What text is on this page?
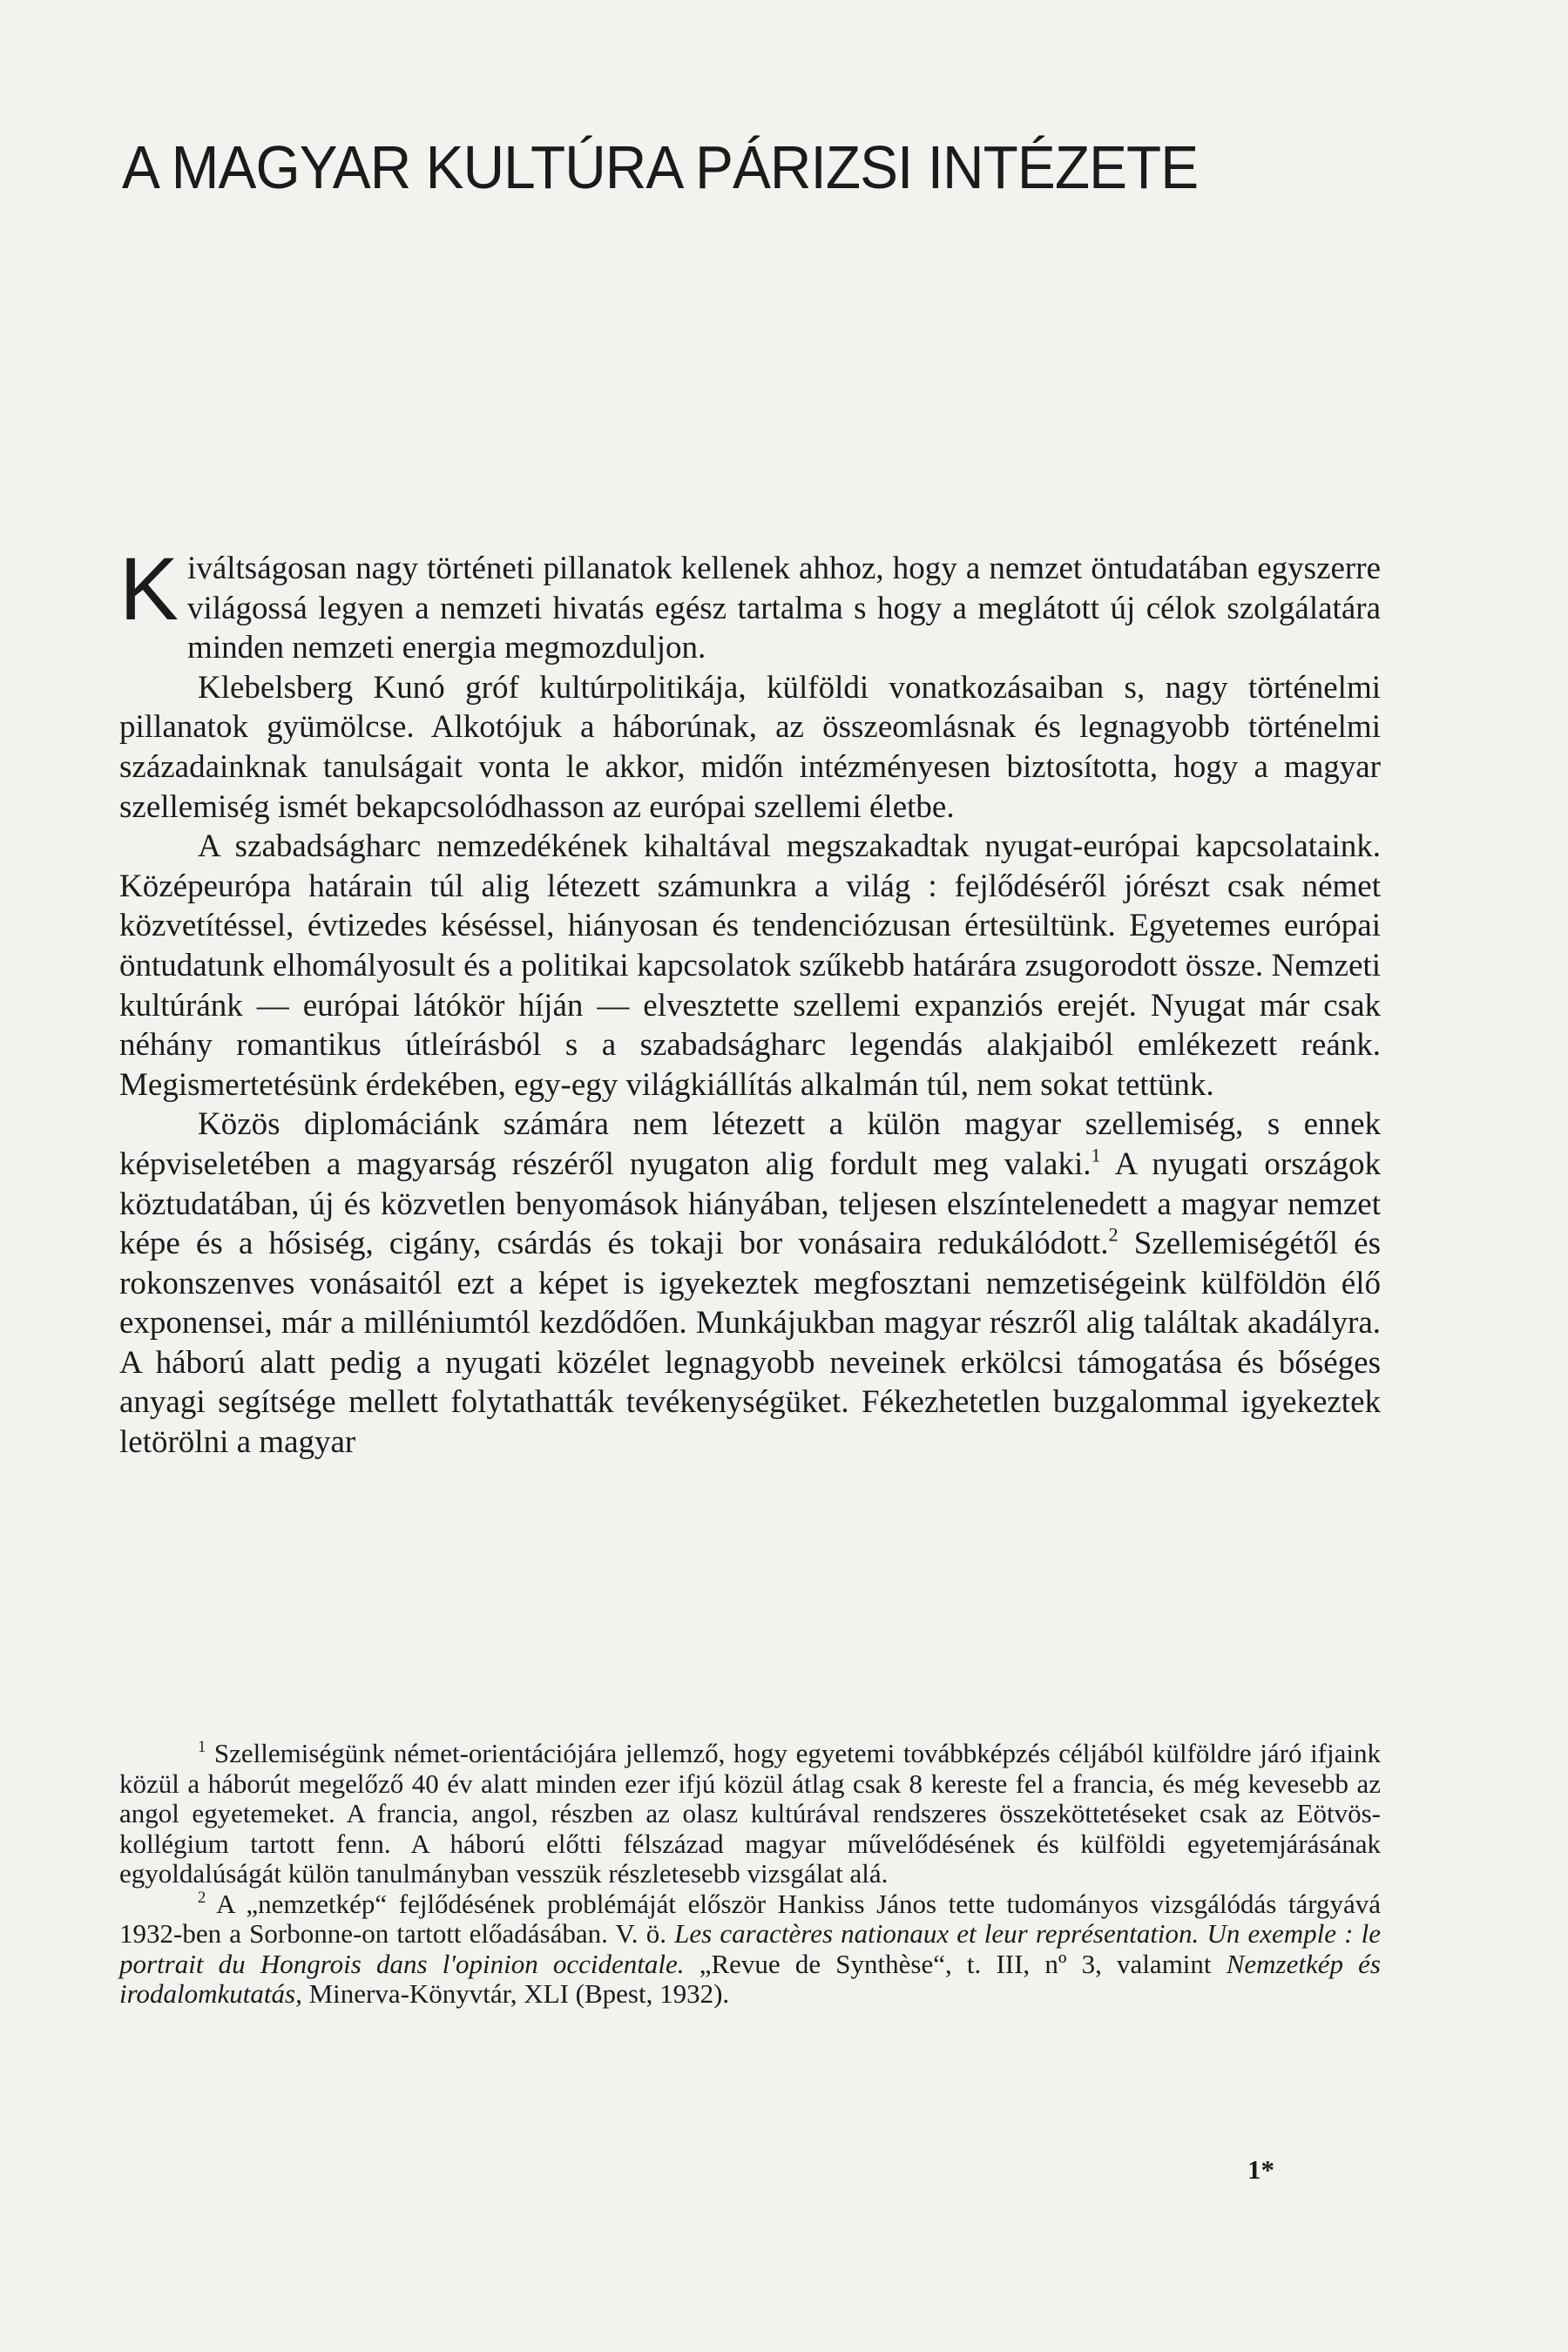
A MAGYAR KULTÚRA PÁRIZSI INTÉZETE

Kiváltságosan nagy történeti pillanatok kellenek ahhoz, hogy a nemzet öntudatában egyszerre világossá legyen a nemzeti hivatás egész tartalma s hogy a meglátott új célok szolgálatára minden nemzeti energia megmozduljon.

Klebelsberg Kunó gróf kultúrpolitikája, külföldi vonatkozásaiban s, nagy történelmi pillanatok gyümölcse. Alkotójuk a háborúnak, az összeomlásnak és legnagyobb történelmi századainknak tanulságait vonta le akkor, midőn intézményesen biztosította, hogy a magyar szellemiség ismét bekapcsolódhasson az európai szellemi életbe.

A szabadságharc nemzedékének kihaltával megszakadtak nyugat-európai kapcsolataink. Középeurópa határain túl alig létezett számunkra a világ : fejlődéséről jórészt csak német közvetítéssel, évtizedes késéssel, hiányosan és tendenciózusan értesültünk. Egyetemes európai öntudatunk elhomályosult és a politikai kapcsolatok szűkebb határára zsugorodott össze. Nemzeti kultúránk — európai látókör híján — elvesztette szellemi expanziós erejét. Nyugat már csak néhány romantikus útleírásból s a szabadságharc legendás alakjaiból emlékezett reánk. Megismertetésünk érdekében, egy-egy világkiállítás alkalmán túl, nem sokat tettünk.

Közös diplomáciánk számára nem létezett a külön magyar szellemiség, s ennek képviseletében a magyarság részéről nyugaton alig fordult meg valaki.$^1$ A nyugati országok köztudatában, új és közvetlen benyomások hiányában, teljesen elszíntelenedett a magyar nemzet képe és a hősiség, cigány, csárdás és tokaji bor vonásaira redukálódott.$^2$ Szellemiségétől és rokonszenves vonásaitól ezt a képet is igyekeztek megfosztani nemzetiségeink külföldön élő exponensei, már a milléniumtól kezdődően. Munkájukban magyar részről alig találtak akadályra. A háború alatt pedig a nyugati közélet legnagyobb neveinek erkölcsi támogatása és bőséges anyagi segítsége mellett folytathatták tevékenységüket. Fékezhetetlen buzgalommal igyekeztek letörölni a magyar

$^1$ Szellemiségünk német-orientációjára jellemző, hogy egyetemi továbbképzés céljából külföldre járó ifjaink közül a háborút megelőző 40 év alatt minden ezer ifjú közül átlag csak 8 kereste fel a francia, és még kevesebb az angol egyetemeket. A francia, angol, részben az olasz kultúrával rendszeres összeköttetéseket csak az Eötvös-kollégium tartott fenn. A háború előtti félszázad magyar művelődésének és külföldi egyetemjárásának egyoldalúságát külön tanulmányban vesszük részletesebb vizsgálat alá.

$^2$ A „nemzetkép“ fejlődésének problémáját először Hankiss János tette tudományos vizsgálódás tárgyává 1932-ben a Sorbonne-on tartott előadásában. V. ö. Les caractères nationaux et leur représentation. Un exemple : le portrait du Hongrois dans l'opinion occidentale. „Revue de Synthèse“, t. III, nº 3, valamint Nemzetkép és irodalomkutatás, Minerva-Könyvtár, XLI (Bpest, 1932).

1*
